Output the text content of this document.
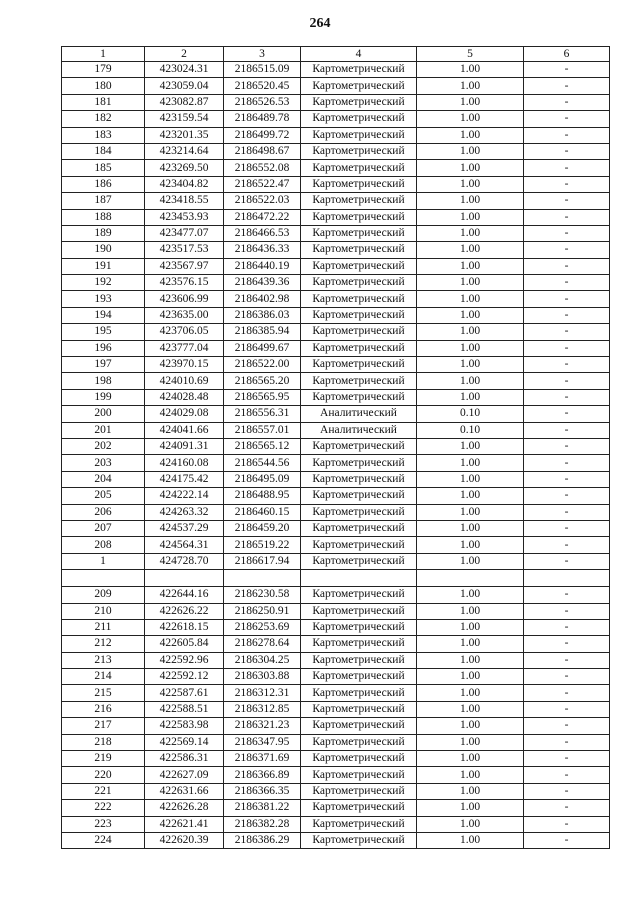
264
1	2	3	4	5	6
179	423024.31	2186515.09	Картометрический	1.00	-
180	423059.04	2186520.45	Картометрический	1.00	-
181	423082.87	2186526.53	Картометрический	1.00	-
182	423159.54	2186489.78	Картометрический	1.00	-
183	423201.35	2186499.72	Картометрический	1.00	-
184	423214.64	2186498.67	Картометрический	1.00	-
185	423269.50	2186552.08	Картометрический	1.00	-
186	423404.82	2186522.47	Картометрический	1.00	-
187	423418.55	2186522.03	Картометрический	1.00	-
188	423453.93	2186472.22	Картометрический	1.00	-
189	423477.07	2186466.53	Картометрический	1.00	-
190	423517.53	2186436.33	Картометрический	1.00	-
191	423567.97	2186440.19	Картометрический	1.00	-
192	423576.15	2186439.36	Картометрический	1.00	-
193	423606.99	2186402.98	Картометрический	1.00	-
194	423635.00	2186386.03	Картометрический	1.00	-
195	423706.05	2186385.94	Картометрический	1.00	-
196	423777.04	2186499.67	Картометрический	1.00	-
197	423970.15	2186522.00	Картометрический	1.00	-
198	424010.69	2186565.20	Картометрический	1.00	-
199	424028.48	2186565.95	Картометрический	1.00	-
200	424029.08	2186556.31	Аналитический	0.10	-
201	424041.66	2186557.01	Аналитический	0.10	-
202	424091.31	2186565.12	Картометрический	1.00	-
203	424160.08	2186544.56	Картометрический	1.00	-
204	424175.42	2186495.09	Картометрический	1.00	-
205	424222.14	2186488.95	Картометрический	1.00	-
206	424263.32	2186460.15	Картометрический	1.00	-
207	424537.29	2186459.20	Картометрический	1.00	-
208	424564.31	2186519.22	Картометрический	1.00	-
1	424728.70	2186617.94	Картометрический	1.00	-

209	422644.16	2186230.58	Картометрический	1.00	-
210	422626.22	2186250.91	Картометрический	1.00	-
211	422618.15	2186253.69	Картометрический	1.00	-
212	422605.84	2186278.64	Картометрический	1.00	-
213	422592.96	2186304.25	Картометрический	1.00	-
214	422592.12	2186303.88	Картометрический	1.00	-
215	422587.61	2186312.31	Картометрический	1.00	-
216	422588.51	2186312.85	Картометрический	1.00	-
217	422583.98	2186321.23	Картометрический	1.00	-
218	422569.14	2186347.95	Картометрический	1.00	-
219	422586.31	2186371.69	Картометрический	1.00	-
220	422627.09	2186366.89	Картометрический	1.00	-
221	422631.66	2186366.35	Картометрический	1.00	-
222	422626.28	2186381.22	Картометрический	1.00	-
223	422621.41	2186382.28	Картометрический	1.00	-
224	422620.39	2186386.29	Картометрический	1.00	-
